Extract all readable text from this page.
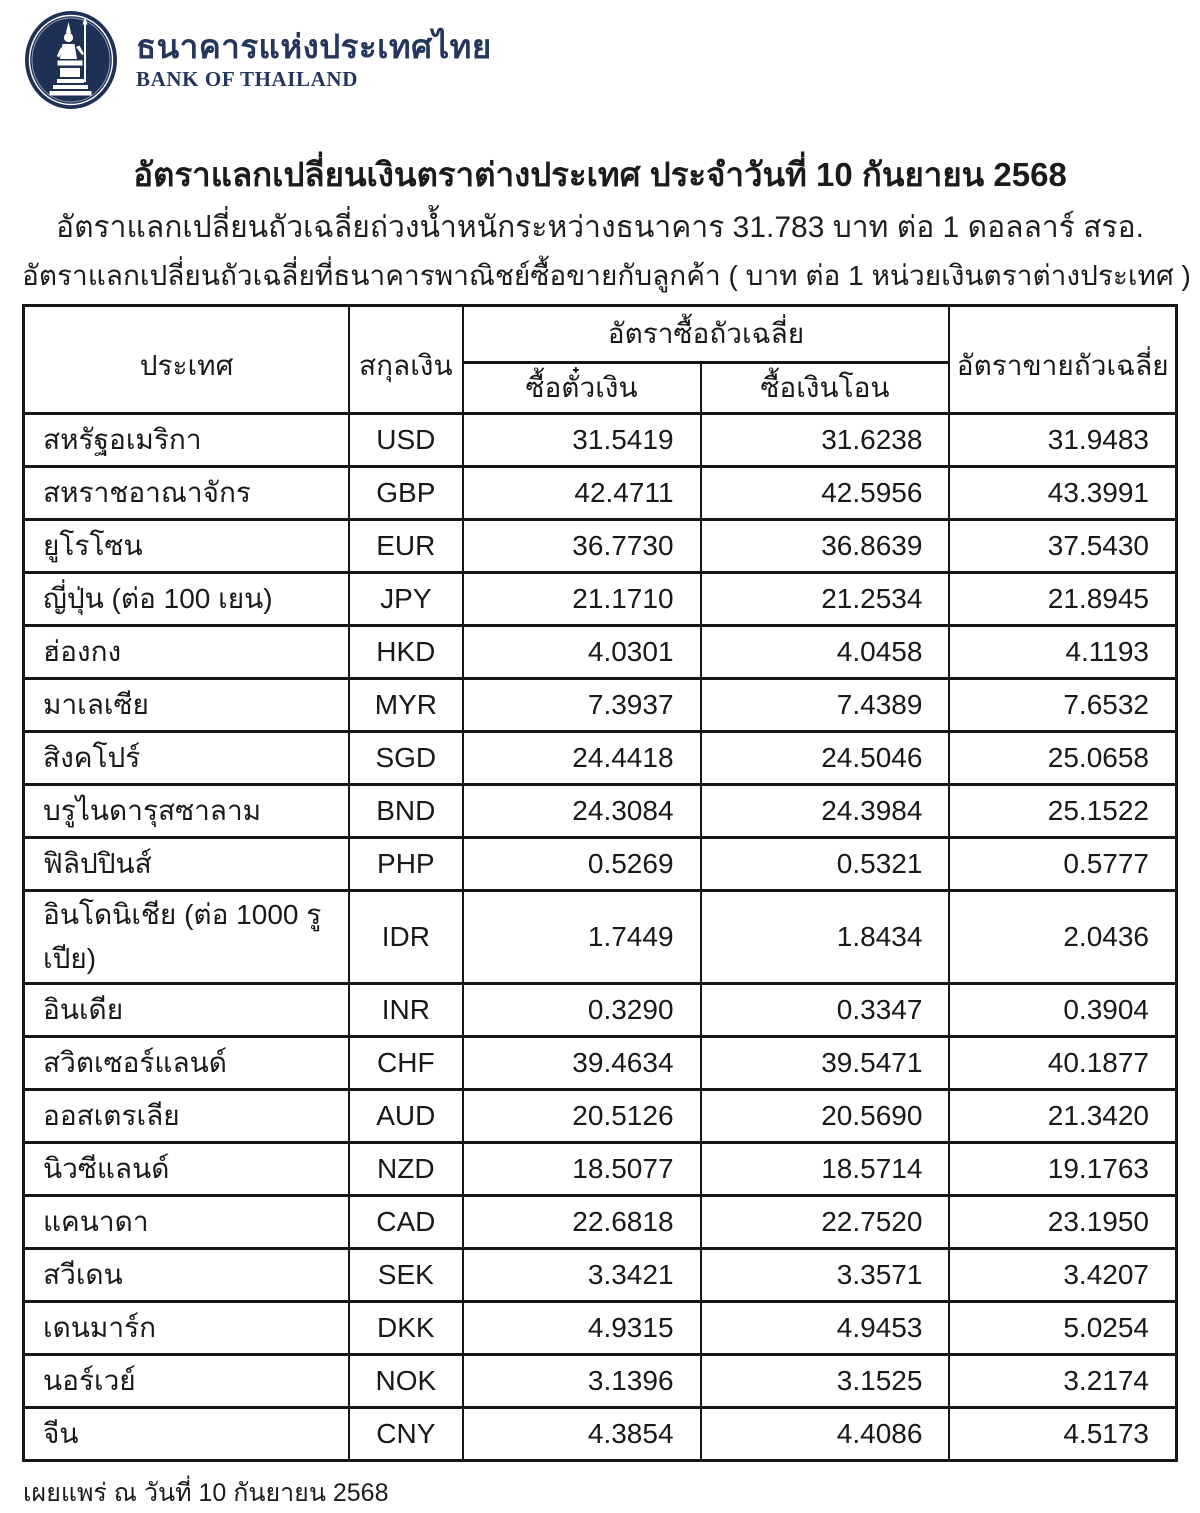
ธนาคารแห่งประเทศไทย
BANK OF THAILAND
อัตราแลกเปลี่ยนเงินตราต่างประเทศ ประจำวันที่ 10 กันยายน 2568
อัตราแลกเปลี่ยนถัวเฉลี่ยถ่วงน้ำหนักระหว่างธนาคาร 31.783 บาท ต่อ 1 ดอลลาร์ สรอ.
อัตราแลกเปลี่ยนถัวเฉลี่ยที่ธนาคารพาณิชย์ซื้อขายกับลูกค้า ( บาท ต่อ 1 หน่วยเงินตราต่างประเทศ )
ประเทศ	สกุลเงิน	อัตราซื้อถัวเฉลี่ย		อัตราขายถัวเฉลี่ย
		ซื้อตั๋วเงิน	ซื้อเงินโอน	
สหรัฐอเมริกา	USD	31.5419	31.6238	31.9483
สหราชอาณาจักร	GBP	42.4711	42.5956	43.3991
ยูโรโซน	EUR	36.7730	36.8639	37.5430
ญี่ปุ่น (ต่อ 100 เยน)	JPY	21.1710	21.2534	21.8945
ฮ่องกง	HKD	4.0301	4.0458	4.1193
มาเลเซีย	MYR	7.3937	7.4389	7.6532
สิงคโปร์	SGD	24.4418	24.5046	25.0658
บรูไนดารุสซาลาม	BND	24.3084	24.3984	25.1522
ฟิลิปปินส์	PHP	0.5269	0.5321	0.5777
อินโดนิเชีย (ต่อ 1000 รูเปีย)	IDR	1.7449	1.8434	2.0436
อินเดีย	INR	0.3290	0.3347	0.3904
สวิตเซอร์แลนด์	CHF	39.4634	39.5471	40.1877
ออสเตรเลีย	AUD	20.5126	20.5690	21.3420
นิวซีแลนด์	NZD	18.5077	18.5714	19.1763
แคนาดา	CAD	22.6818	22.7520	23.1950
สวีเดน	SEK	3.3421	3.3571	3.4207
เดนมาร์ก	DKK	4.9315	4.9453	5.0254
นอร์เวย์	NOK	3.1396	3.1525	3.2174
จีน	CNY	4.3854	4.4086	4.5173
เผยแพร่ ณ วันที่ 10 กันยายน 2568
